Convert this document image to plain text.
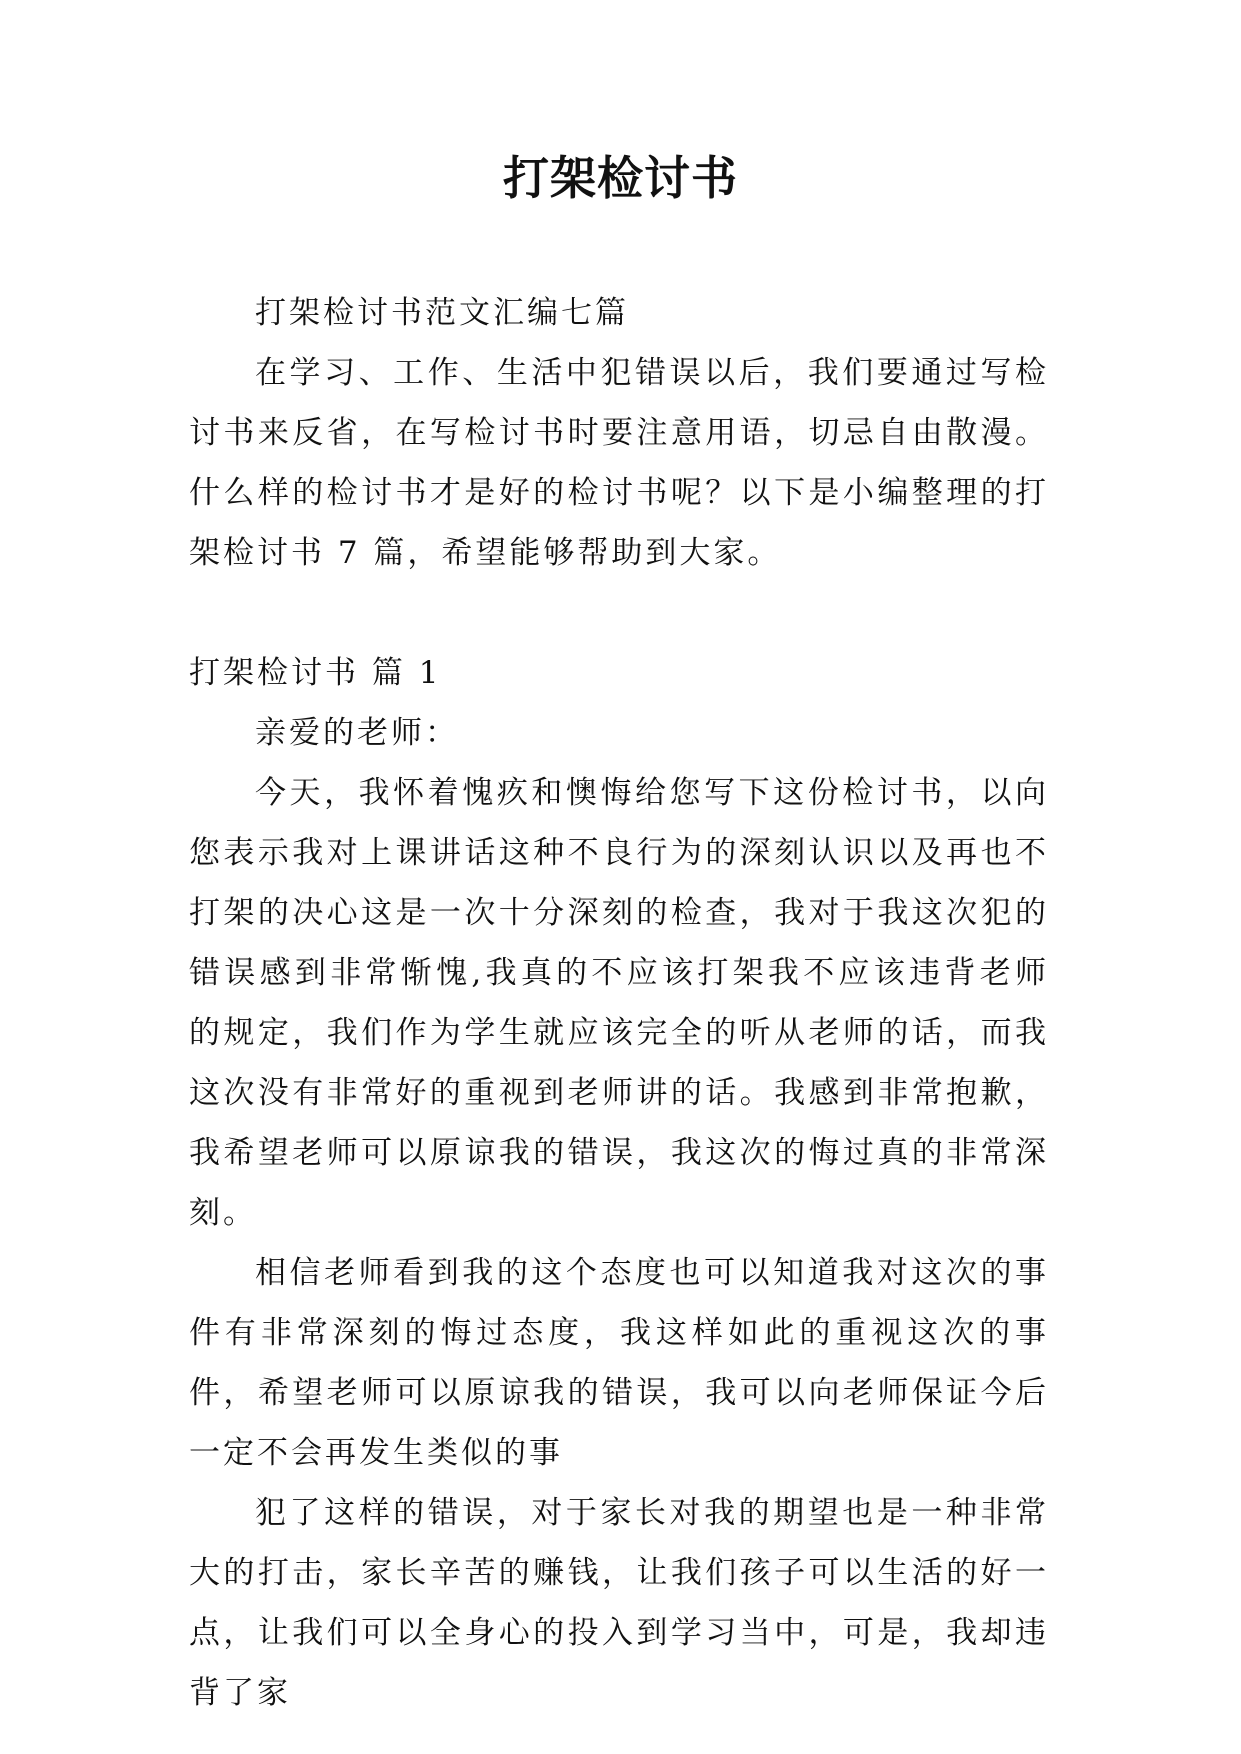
打架检讨书

打架检讨书范文汇编七篇

在学习、工作、生活中犯错误以后，我们要通过写检讨书来反省，在写检讨书时要注意用语，切忌自由散漫。什么样的检讨书才是好的检讨书呢？以下是小编整理的打架检讨书 7 篇，希望能够帮助到大家。

打架检讨书 篇 1

亲爱的老师：

今天，我怀着愧疚和懊悔给您写下这份检讨书，以向您表示我对上课讲话这种不良行为的深刻认识以及再也不打架的决心这是一次十分深刻的检查，我对于我这次犯的错误感到非常惭愧,我真的不应该打架我不应该违背老师的规定，我们作为学生就应该完全的听从老师的话，而我这次没有非常好的重视到老师讲的话。我感到非常抱歉，我希望老师可以原谅我的错误，我这次的悔过真的非常深刻。

相信老师看到我的这个态度也可以知道我对这次的事件有非常深刻的悔过态度，我这样如此的重视这次的事件，希望老师可以原谅我的错误，我可以向老师保证今后一定不会再发生类似的事

犯了这样的错误，对于家长对我的期望也是一种非常大的打击，家长辛苦的赚钱，让我们孩子可以生活的好一点，让我们可以全身心的投入到学习当中，可是，我却违背了家
